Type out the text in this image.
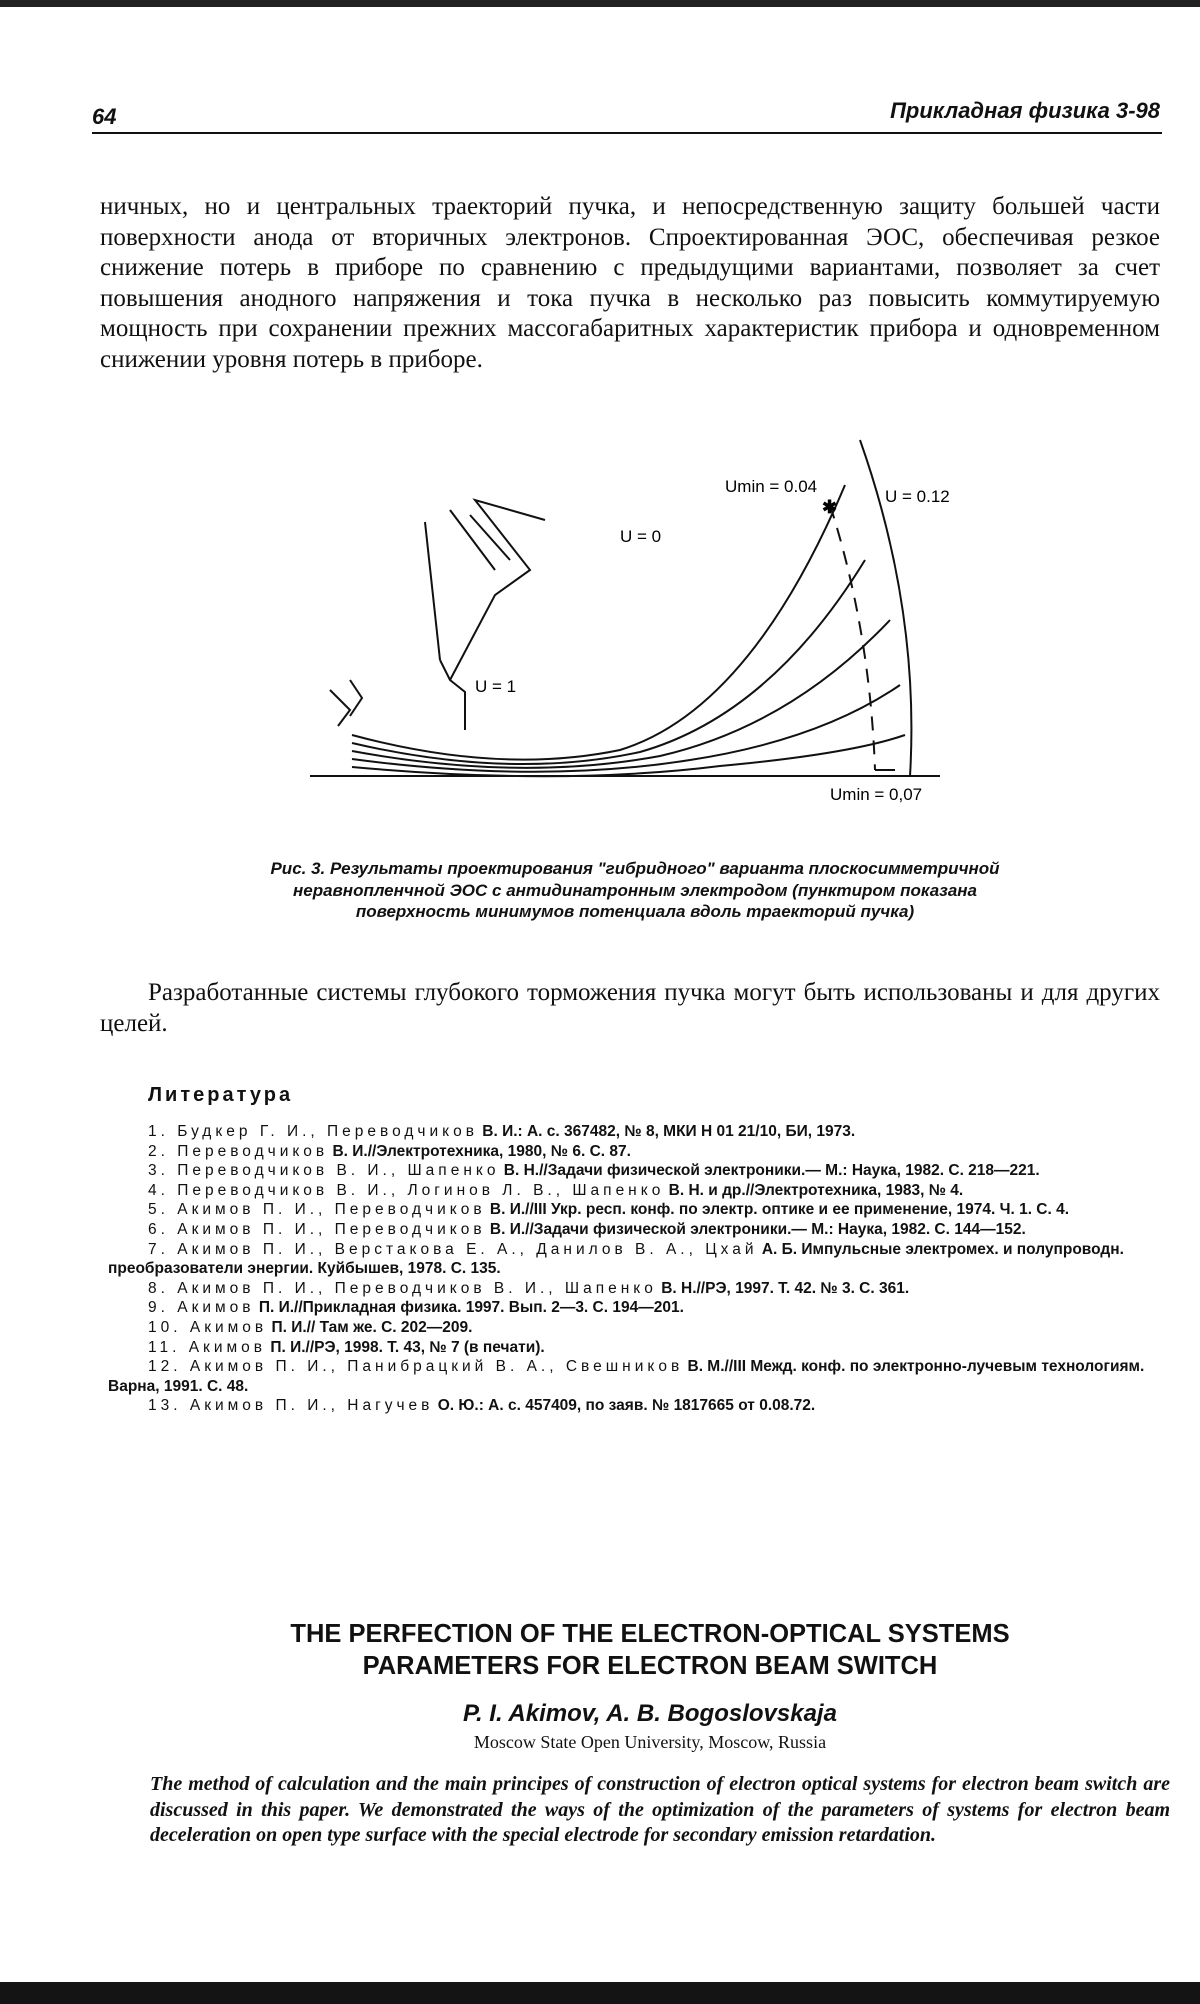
64	Прикладная физика 3-98
ничных, но и центральных траекторий пучка, и непосредственную защиту большей части поверхности анода от вторичных электронов. Спроектированная ЭОС, обеспечивая резкое снижение потерь в приборе по сравнению с предыдущими вариантами, позволяет за счет повышения анодного напряжения и тока пучка в несколько раз повысить коммутируемую мощность при сохранении прежних массогабаритных характеристик прибора и одновременном снижении уровня потерь в приборе.
✱
U = 0
U = 1
Umin = 0.04
U = 0.12
Umin = 0,07
Рис. 3. Результаты проектирования "гибридного" варианта плоскосимметричной неравнопленчной ЭОС с антидинатронным электродом (пунктиром показана поверхность минимумов потенциала вдоль траекторий пучка)
Разработанные системы глубокого торможения пучка могут быть использованы и для других целей.
Литература

1. Будкер Г. И., Переводчиков В. И.: А. с. 367482, № 8, МКИ Н 01 21/10, БИ, 1973.

2. Переводчиков В. И.//Электротехника, 1980, № 6. С. 87.

3. Переводчиков В. И., Шапенко В. Н.//Задачи физической электроники.— М.: Наука, 1982. С. 218—221.

4. Переводчиков В. И., Логинов Л. В., Шапенко В. Н. и др.//Электротехника, 1983, № 4.

5. Акимов П. И., Переводчиков В. И.//III Укр. респ. конф. по электр. оптике и ее применение, 1974. Ч. 1. С. 4.

6. Акимов П. И., Переводчиков В. И.//Задачи физической электроники.— М.: Наука, 1982. С. 144—152.

7. Акимов П. И., Верстакова Е. А., Данилов В. А., Цхай А. Б. Импульсные электромех. и полупроводн. преобразователи энергии. Куйбышев, 1978. С. 135.

8. Акимов П. И., Переводчиков В. И., Шапенко В. Н.//РЭ, 1997. Т. 42. № 3. С. 361.

9. Акимов П. И.//Прикладная физика. 1997. Вып. 2—3. С. 194—201.

10. Акимов П. И.// Там же. С. 202—209.

11. Акимов П. И.//РЭ, 1998. Т. 43, № 7 (в печати).

12. Акимов П. И., Панибрацкий В. А., Свешников В. М.//III Межд. конф. по электронно-лучевым технологиям. Варна, 1991. С. 48.

13. Акимов П. И., Нагучев О. Ю.: А. с. 457409, по заяв. № 1817665 от 0.08.72.

THE PERFECTION OF THE ELECTRON-OPTICAL SYSTEMS
PARAMETERS FOR ELECTRON BEAM SWITCH
P. I. Akimov, A. B. Bogoslovskaja
Moscow State Open University, Moscow, Russia
The method of calculation and the main principes of construction of electron optical systems for electron beam switch are discussed in this paper. We demonstrated the ways of the optimization of the parameters of systems for electron beam deceleration on open type surface with the special electrode for secondary emission retardation.
